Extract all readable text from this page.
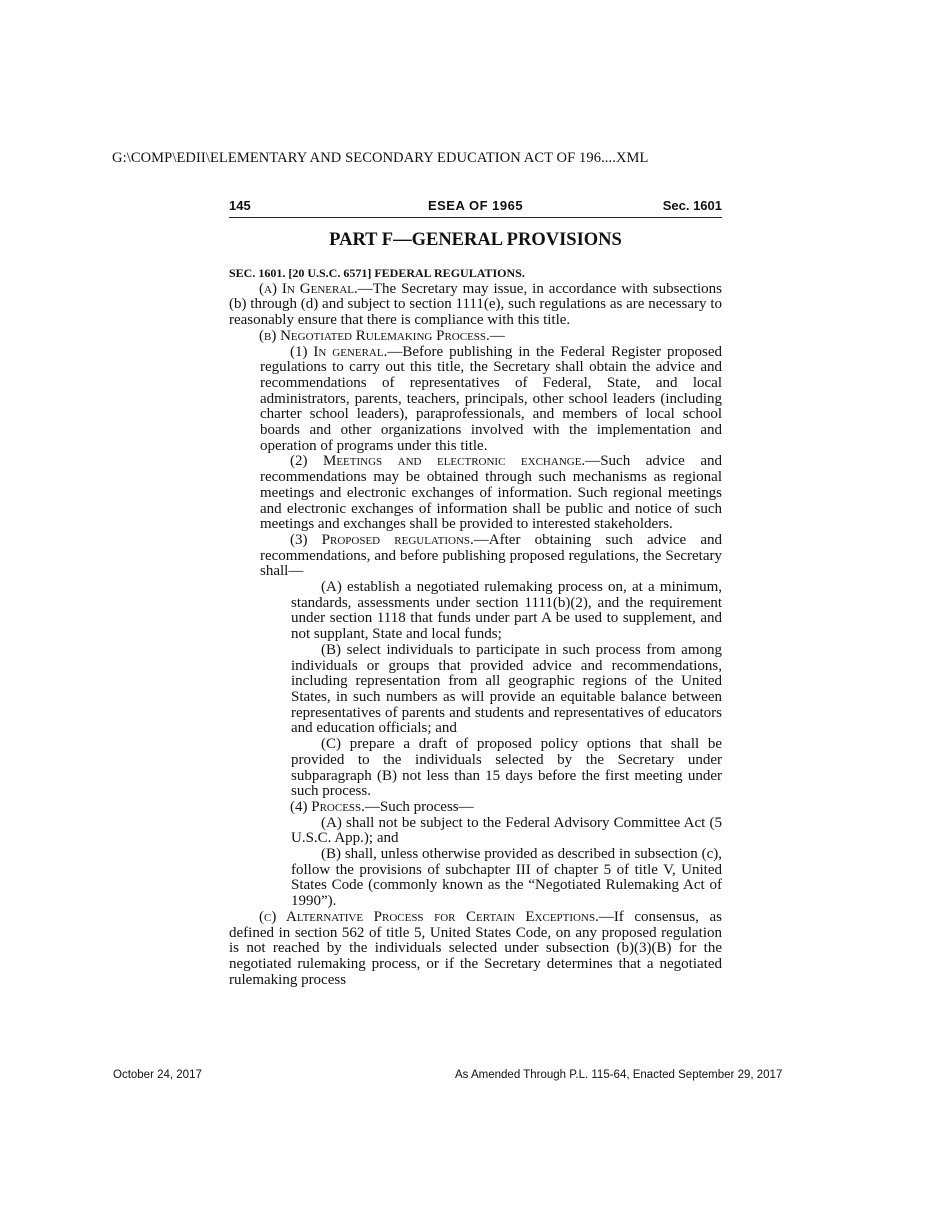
G:\COMP\EDII\ELEMENTARY AND SECONDARY EDUCATION ACT OF 196....XML
145	ESEA OF 1965	Sec. 1601
PART F—GENERAL PROVISIONS

SEC. 1601. [20 U.S.C. 6571] FEDERAL REGULATIONS.

(a) In General.—The Secretary may issue, in accordance with subsections (b) through (d) and subject to section 1111(e), such regulations as are necessary to reasonably ensure that there is compliance with this title.

(b) Negotiated Rulemaking Process.—

(1) In general.—Before publishing in the Federal Register proposed regulations to carry out this title, the Secretary shall obtain the advice and recommendations of representatives of Federal, State, and local administrators, parents, teachers, principals, other school leaders (including charter school leaders), paraprofessionals, and members of local school boards and other organizations involved with the implementation and operation of programs under this title.

(2) Meetings and electronic exchange.—Such advice and recommendations may be obtained through such mechanisms as regional meetings and electronic exchanges of information. Such regional meetings and electronic exchanges of information shall be public and notice of such meetings and exchanges shall be provided to interested stakeholders.

(3) Proposed regulations.—After obtaining such advice and recommendations, and before publishing proposed regulations, the Secretary shall—

(A) establish a negotiated rulemaking process on, at a minimum, standards, assessments under section 1111(b)(2), and the requirement under section 1118 that funds under part A be used to supplement, and not supplant, State and local funds;

(B) select individuals to participate in such process from among individuals or groups that provided advice and recommendations, including representation from all geographic regions of the United States, in such numbers as will provide an equitable balance between representatives of parents and students and representatives of educators and education officials; and

(C) prepare a draft of proposed policy options that shall be provided to the individuals selected by the Secretary under subparagraph (B) not less than 15 days before the first meeting under such process.

(4) Process.—Such process—

(A) shall not be subject to the Federal Advisory Committee Act (5 U.S.C. App.); and

(B) shall, unless otherwise provided as described in subsection (c), follow the provisions of subchapter III of chapter 5 of title V, United States Code (commonly known as the “Negotiated Rulemaking Act of 1990”).

(c) Alternative Process for Certain Exceptions.—If consensus, as defined in section 562 of title 5, United States Code, on any proposed regulation is not reached by the individuals selected under subsection (b)(3)(B) for the negotiated rulemaking process, or if the Secretary determines that a negotiated rulemaking process

October 24, 2017	As Amended Through P.L. 115-64, Enacted September 29, 2017
